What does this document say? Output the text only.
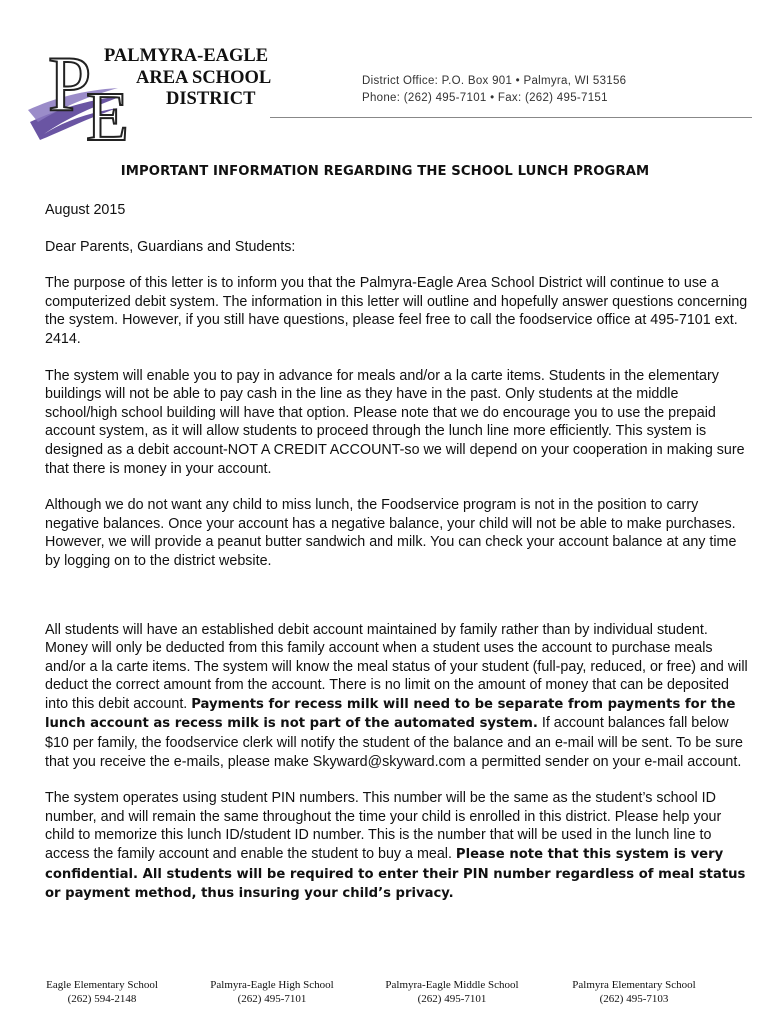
P
E
PALMYRA-EAGLE
AREA SCHOOL
DISTRICT
District Office: P.O. Box 901 • Palmyra, WI 53156
Phone: (262) 495-7101 • Fax: (262) 495-7151
IMPORTANT INFORMATION REGARDING THE SCHOOL LUNCH PROGRAM

August 2015

Dear Parents, Guardians and Students:

The purpose of this letter is to inform you that the Palmyra-Eagle Area School District will continue to use a computerized debit system. The information in this letter will outline and hopefully answer questions concerning the system. However, if you still have questions, please feel free to call the foodservice office at 495-7101 ext. 2414.

The system will enable you to pay in advance for meals and/or a la carte items. Students in the elementary buildings will not be able to pay cash in the line as they have in the past. Only students at the middle school/high school building will have that option. Please note that we do encourage you to use the prepaid account system, as it will allow students to proceed through the lunch line more efficiently. This system is designed as a debit account-NOT A CREDIT ACCOUNT-so we will depend on your cooperation in making sure that there is money in your account.

Although we do not want any child to miss lunch, the Foodservice program is not in the position to carry negative balances. Once your account has a negative balance, your child will not be able to make purchases. However, we will provide a peanut butter sandwich and milk. You can check your account balance at any time by logging on to the district website.

All students will have an established debit account maintained by family rather than by individual student. Money will only be deducted from this family account when a student uses the account to purchase meals and/or a la carte items. The system will know the meal status of your student (full-pay, reduced, or free) and will deduct the correct amount from the account. There is no limit on the amount of money that can be deposited into this debit account. Payments for recess milk will need to be separate from payments for the lunch account as recess milk is not part of the automated system. If account balances fall below $10 per family, the foodservice clerk will notify the student of the balance and an e-mail will be sent. To be sure that you receive the e-mails, please make Skyward@skyward.com a permitted sender on your e-mail account.

The system operates using student PIN numbers. This number will be the same as the student’s school ID number, and will remain the same throughout the time your child is enrolled in this district. Please help your child to memorize this lunch ID/student ID number. This is the number that will be used in the lunch line to access the family account and enable the student to buy a meal. Please note that this system is very confidential. All students will be required to enter their PIN number regardless of meal status or payment method, thus insuring your child’s privacy.

Eagle Elementary School
(262) 594-2148
Palmyra-Eagle High School
(262) 495-7101
Palmyra-Eagle Middle School
(262) 495-7101
Palmyra Elementary School
(262) 495-7103
